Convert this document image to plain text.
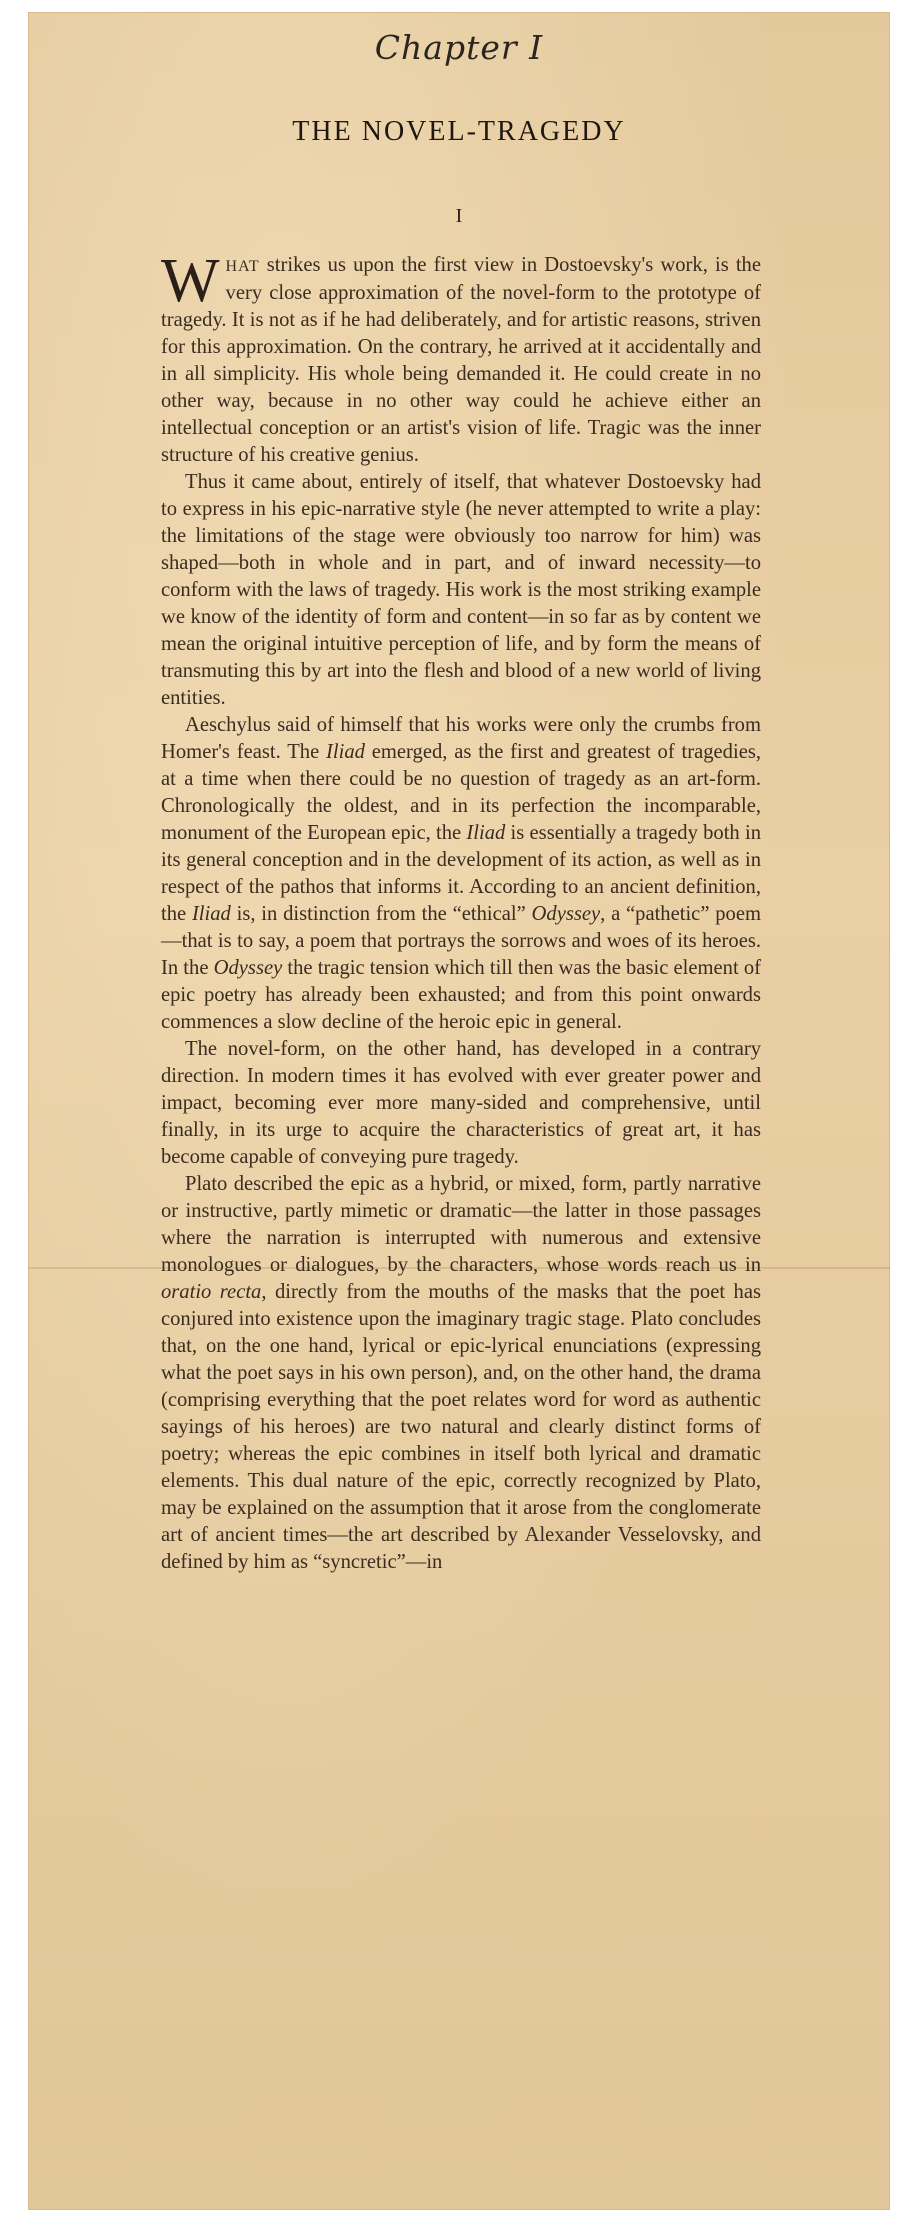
Chapter I
THE NOVEL-TRAGEDY
I

WHAT strikes us upon the first view in Dostoevsky's work, is the very close approximation of the novel-form to the prototype of tragedy. It is not as if he had deliberately, and for artistic reasons, striven for this approximation. On the contrary, he arrived at it accidentally and in all simplicity. His whole being demanded it. He could create in no other way, because in no other way could he achieve either an intellectual conception or an artist's vision of life. Tragic was the inner structure of his creative genius.

Thus it came about, entirely of itself, that whatever Dostoevsky had to express in his epic-narrative style (he never attempted to write a play: the limitations of the stage were obviously too narrow for him) was shaped—both in whole and in part, and of inward necessity—to conform with the laws of tragedy. His work is the most striking example we know of the identity of form and content—in so far as by content we mean the original intuitive perception of life, and by form the means of transmuting this by art into the flesh and blood of a new world of living entities.

Aeschylus said of himself that his works were only the crumbs from Homer's feast. The Iliad emerged, as the first and greatest of tragedies, at a time when there could be no question of tragedy as an art-form. Chronologically the oldest, and in its perfection the incomparable, monument of the European epic, the Iliad is essentially a tragedy both in its general conception and in the development of its action, as well as in respect of the pathos that informs it. According to an ancient definition, the Iliad is, in distinction from the “ethical” Odyssey, a “pathetic” poem—that is to say, a poem that portrays the sorrows and woes of its heroes. In the Odyssey the tragic tension which till then was the basic element of epic poetry has already been exhausted; and from this point onwards commences a slow decline of the heroic epic in general.

The novel-form, on the other hand, has developed in a contrary direction. In modern times it has evolved with ever greater power and impact, becoming ever more many-sided and comprehensive, until finally, in its urge to acquire the characteristics of great art, it has become capable of conveying pure tragedy.

Plato described the epic as a hybrid, or mixed, form, partly narrative or instructive, partly mimetic or dramatic—the latter in those passages where the narration is interrupted with numerous and extensive monologues or dialogues, by the characters, whose words reach us in oratio recta, directly from the mouths of the masks that the poet has conjured into existence upon the imaginary tragic stage. Plato concludes that, on the one hand, lyrical or epic-lyrical enunciations (expressing what the poet says in his own person), and, on the other hand, the drama (comprising everything that the poet relates word for word as authentic sayings of his heroes) are two natural and clearly distinct forms of poetry; whereas the epic combines in itself both lyrical and dramatic elements. This dual nature of the epic, correctly recognized by Plato, may be explained on the assumption that it arose from the conglomerate art of ancient times—the art described by Alexander Vesselovsky, and defined by him as “syncretic”—in
